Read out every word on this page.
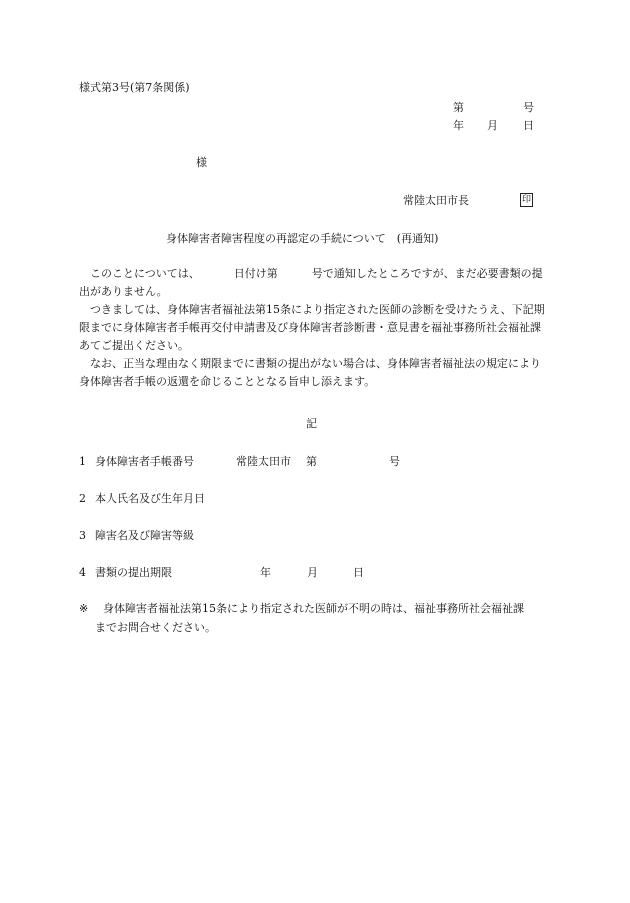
様式第3号(第7条関係)
第	号
年 月 日
様
常陸太田市長	印
身体障害者障害程度の再認定の手続について　(再通知)
このことについては、	日付け第	号で通知したところですが、まだ必要書類の提出がありません。
つきましては、身体障害者福祉法第15条により指定された医師の診断を受けたうえ、下記期限までに身体障害者手帳再交付申請書及び身体障害者診断書・意見書を福祉事務所社会福祉課あてご提出ください。
なお、正当な理由なく期限までに書類の提出がない場合は、身体障害者福祉法の規定により身体障害者手帳の返還を命じることとなる旨申し添えます。
記
1 身体障害者手帳番号	常陸太田市 第	号
2 本人氏名及び生年月日
3 障害名及び障害等級
4 書類の提出期限	年	月	日
※ 身体障害者福祉法第15条により指定された医師が不明の時は、福祉事務所社会福祉課
までお問合せください。
